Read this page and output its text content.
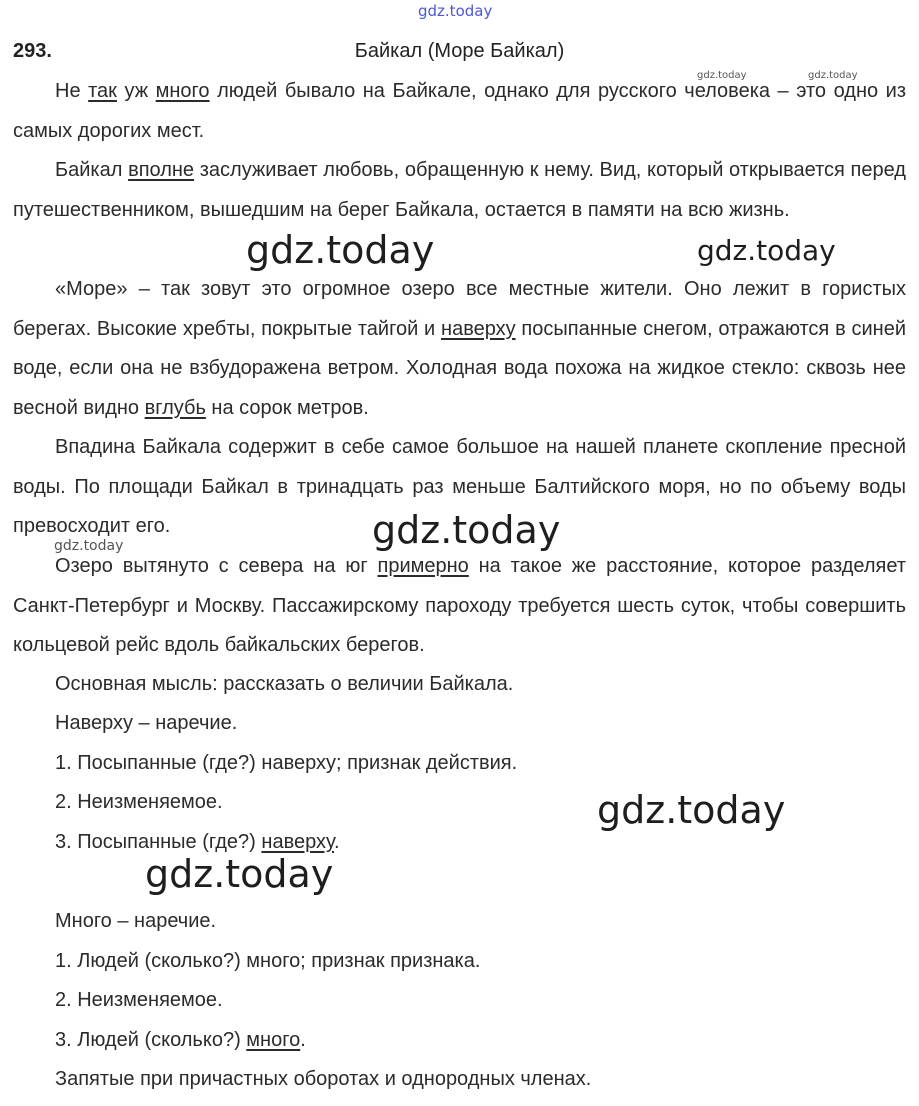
gdz.today
gdz.today	gdz.today
gdz.today
gdz.today	gdz.today
gdz.today
gdz.today
gdz.today
293.	Байкал (Море Байкал)
Не так уж много людей бывало на Байкале, однако для русского человека – это одно из самых дорогих мест.
Байкал вполне заслуживает любовь, обращенную к нему. Вид, который открывается перед путешественником, вышедшим на берег Байкала, остается в памяти на всю жизнь.
«Море» – так зовут это огромное озеро все местные жители. Оно лежит в гористых берегах. Высокие хребты, покрытые тайгой и наверху посыпанные снегом, отражаются в синей воде, если она не взбудоражена ветром. Холодная вода похожа на жидкое стекло: сквозь нее весной видно вглубь на сорок метров.
Впадина Байкала содержит в себе самое большое на нашей планете скопление пресной воды. По площади Байкал в тринадцать раз меньше Балтийского моря, но по объему воды превосходит его.
Озеро вытянуто с севера на юг примерно на такое же расстояние, которое разделяет Санкт-Петербург и Москву. Пассажирскому пароходу требуется шесть суток, чтобы совершить кольцевой рейс вдоль байкальских берегов.
Основная мысль: рассказать о величии Байкала.
Наверху – наречие.
1. Посыпанные (где?) наверху; признак действия.
2. Неизменяемое.
3. Посыпанные (где?) наверху.
Много – наречие.
1. Людей (сколько?) много; признак признака.
2. Неизменяемое.
3. Людей (сколько?) много.
Запятые при причастных оборотах и однородных членах.
